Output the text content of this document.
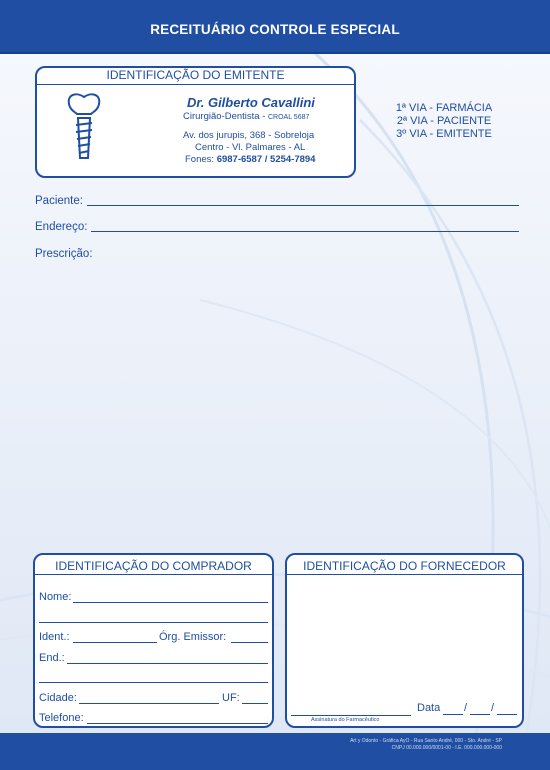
RECEITUÁRIO CONTROLE ESPECIAL
IDENTIFICAÇÃO DO EMITENTE
Dr. Gilberto Cavallini
Cirurgião-Dentista - CROAL 5687
Av. dos jurupis, 368 - Sobreloja
Centro - Vl. Palmares - AL
Fones: 6987-6587 / 5254-7894
1ª VIA - FARMÁCIA
2ª VIA - PACIENTE
3º VIA - EMITENTE
Paciente:
Endereço:
Prescrição:
IDENTIFICAÇÃO DO COMPRADOR
Nome:
Ident.:	Órg. Emissor:
End.:
Cidade:	UF:
Telefone:
IDENTIFICAÇÃO DO FORNECEDOR
Assinatura do Farmacêutico
Data / /
Art y Odonto - Gráfica AyO - Rua Santo André, 000 - Sto. André - SP
CNPJ 00.000.000/0001-00 - I.E. 000.000.000-000
